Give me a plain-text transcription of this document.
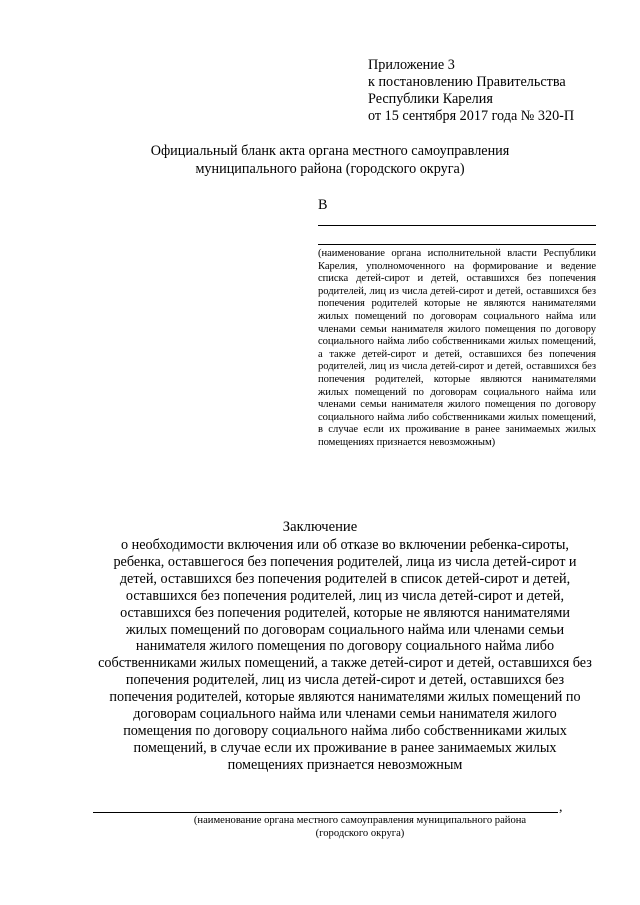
Приложение 3
к постановлению Правительства
Республики Карелия
от 15 сентября 2017 года № 320-П
Официальный бланк акта органа местного самоуправления
муниципального района (городского округа)
В
(наименование органа исполнительной власти Республики Карелия, уполномоченного на формирование и ведение списка детей-сирот и детей, оставшихся без попечения родителей, лиц из числа детей-сирот и детей, оставшихся без попечения родителей которые не являются нанимателями жилых помещений по договорам социального найма или членами семьи нанимателя жилого помещения по договору социального найма либо собственниками жилых помещений, а также детей-сирот и детей, оставшихся без попечения родителей, лиц из числа детей-сирот и детей, оставшихся без попечения родителей, которые являются нанимателями жилых помещений по договорам социального найма или членами семьи нанимателя жилого помещения по договору социального найма либо собственниками жилых помещений, в случае если их проживание в ранее занимаемых жилых помещениях признается невозможным)
Заключение
о необходимости включения или об отказе во включении ребенка-сироты, ребенка, оставшегося без попечения родителей, лица из числа детей-сирот и детей, оставшихся без попечения родителей в список детей-сирот и детей, оставшихся без попечения родителей, лиц из числа детей-сирот и детей, оставшихся без попечения родителей, которые не являются нанимателями жилых помещений по договорам социального найма или членами семьи нанимателя жилого помещения по договору социального найма либо собственниками жилых помещений, а также детей-сирот и детей, оставшихся без попечения родителей, лиц из числа детей-сирот и детей, оставшихся без попечения родителей, которые являются нанимателями жилых помещений по договорам социального найма или членами семьи нанимателя жилого помещения по договору социального найма либо собственниками жилых помещений, в случае если их проживание в ранее занимаемых жилых помещениях признается невозможным
,
(наименование органа местного самоуправления муниципального района
(городского округа)
